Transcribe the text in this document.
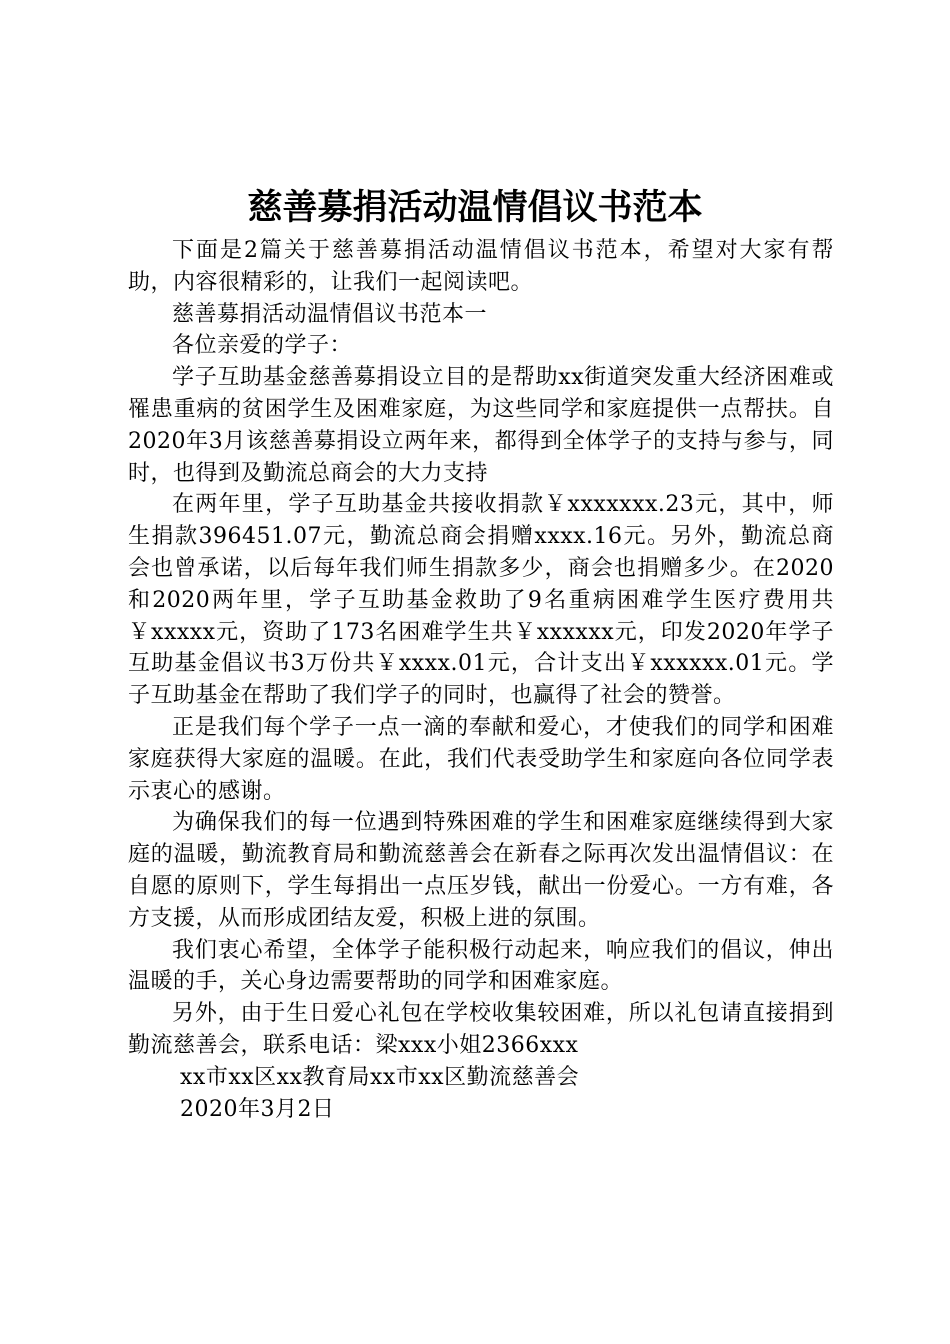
慈善募捐活动温情倡议书范本

下面是2篇关于慈善募捐活动温情倡议书范本，希望对大家有帮助，内容很精彩的，让我们一起阅读吧。

慈善募捐活动温情倡议书范本一

各位亲爱的学子：

学子互助基金慈善募捐设立目的是帮助xx街道突发重大经济困难或罹患重病的贫困学生及困难家庭，为这些同学和家庭提供一点帮扶。自2020年3月该慈善募捐设立两年来，都得到全体学子的支持与参与，同时，也得到及勤流总商会的大力支持

在两年里，学子互助基金共接收捐款￥xxxxxxx.23元，其中，师生捐款396451.07元，勤流总商会捐赠xxxx.16元。另外，勤流总商会也曾承诺，以后每年我们师生捐款多少，商会也捐赠多少。在2020和2020两年里，学子互助基金救助了9名重病困难学生医疗费用共￥xxxxx元，资助了173名困难学生共￥xxxxxx元，印发2020年学子互助基金倡议书3万份共￥xxxx.01元，合计支出￥xxxxxx.01元。学子互助基金在帮助了我们学子的同时，也赢得了社会的赞誉。

正是我们每个学子一点一滴的奉献和爱心，才使我们的同学和困难家庭获得大家庭的温暖。在此，我们代表受助学生和家庭向各位同学表示衷心的感谢。

为确保我们的每一位遇到特殊困难的学生和困难家庭继续得到大家庭的温暖，勤流教育局和勤流慈善会在新春之际再次发出温情倡议：在自愿的原则下，学生每捐出一点压岁钱，献出一份爱心。一方有难，各方支援，从而形成团结友爱，积极上进的氛围。

我们衷心希望，全体学子能积极行动起来，响应我们的倡议，伸出温暖的手，关心身边需要帮助的同学和困难家庭。

另外，由于生日爱心礼包在学校收集较困难，所以礼包请直接捐到勤流慈善会，联系电话：梁xxx小姐2366xxx

xx市xx区xx教育局xx市xx区勤流慈善会

2020年3月2日
